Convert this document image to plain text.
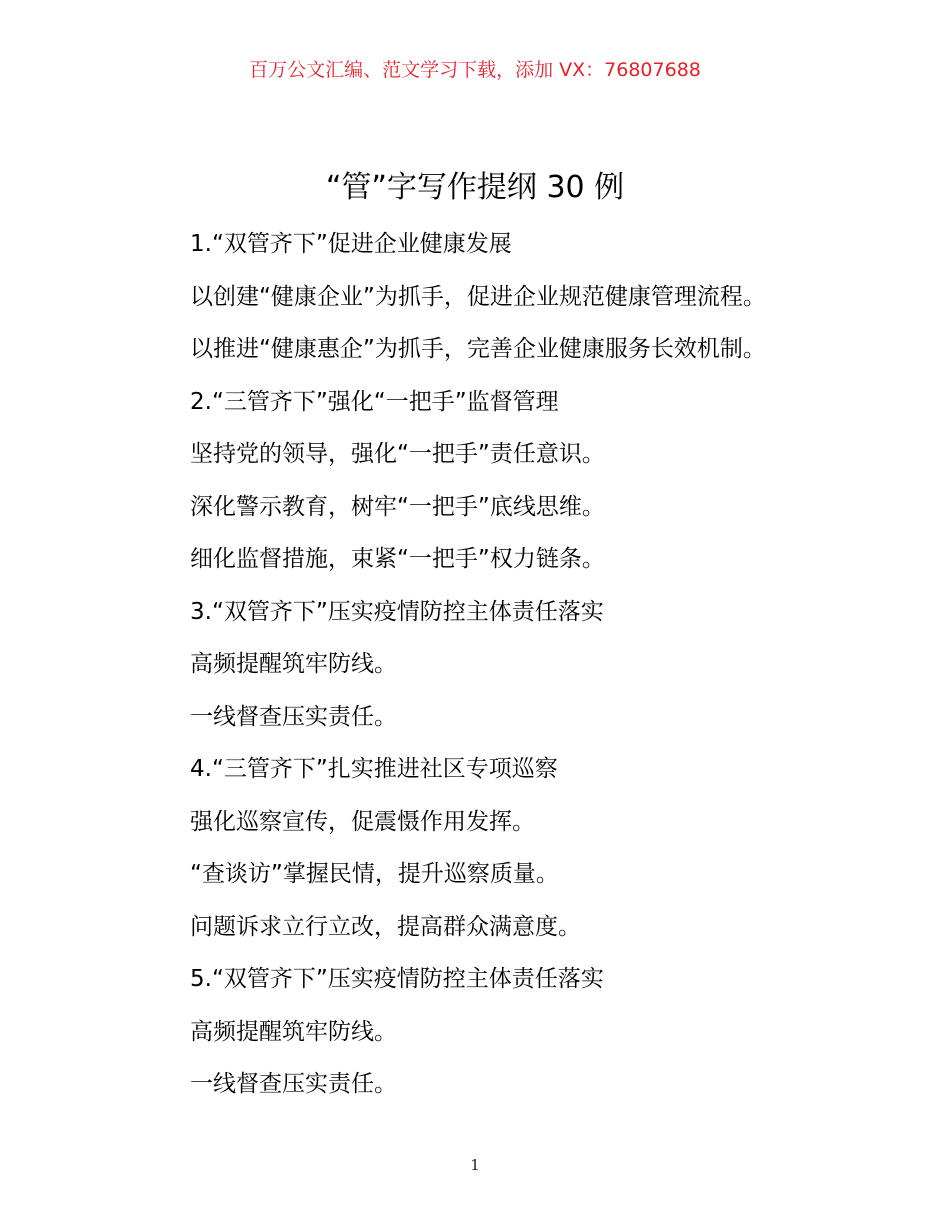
百万公文汇编、范文学习下载，添加 VX：76807688
“管”字写作提纲 30 例
1.“双管齐下”促进企业健康发展
以创建“健康企业”为抓手，促进企业规范健康管理流程。
以推进“健康惠企”为抓手，完善企业健康服务长效机制。
2.“三管齐下”强化“一把手”监督管理
坚持党的领导，强化“一把手”责任意识。
深化警示教育，树牢“一把手”底线思维。
细化监督措施，束紧“一把手”权力链条。
3.“双管齐下”压实疫情防控主体责任落实
高频提醒筑牢防线。
一线督查压实责任。
4.“三管齐下”扎实推进社区专项巡察
强化巡察宣传，促震慑作用发挥。
“查谈访”掌握民情，提升巡察质量。
问题诉求立行立改，提高群众满意度。
5.“双管齐下”压实疫情防控主体责任落实
高频提醒筑牢防线。
一线督查压实责任。
1
